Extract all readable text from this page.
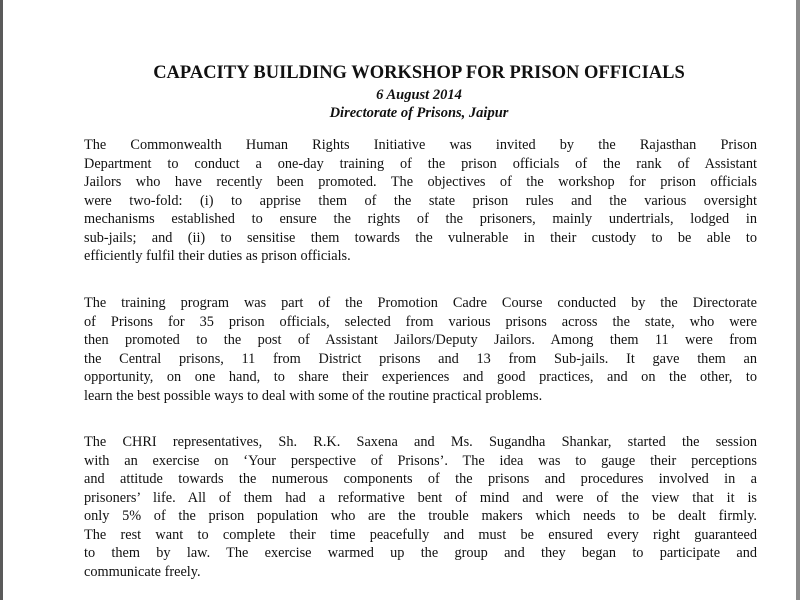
CAPACITY BUILDING WORKSHOP FOR PRISON OFFICIALS
6 August 2014
Directorate of Prisons, Jaipur
The Commonwealth Human Rights Initiative was invited by the Rajasthan Prison
Department to conduct a one-day training of the prison officials of the rank of Assistant
Jailors who have recently been promoted. The objectives of the workshop for prison officials
were two-fold: (i) to apprise them of the state prison rules and the various oversight
mechanisms established to ensure the rights of the prisoners, mainly undertrials, lodged in
sub-jails; and (ii) to sensitise them towards the vulnerable in their custody to be able to
efficiently fulfil their duties as prison officials.
The training program was part of the Promotion Cadre Course conducted by the Directorate
of Prisons for 35 prison officials, selected from various prisons across the state, who were
then promoted to the post of Assistant Jailors/Deputy Jailors. Among them 11 were from
the Central prisons, 11 from District prisons and 13 from Sub-jails. It gave them an
opportunity, on one hand, to share their experiences and good practices, and on the other, to
learn the best possible ways to deal with some of the routine practical problems.
The CHRI representatives, Sh. R.K. Saxena and Ms. Sugandha Shankar, started the session
with an exercise on ‘Your perspective of Prisons’. The idea was to gauge their perceptions
and attitude towards the numerous components of the prisons and procedures involved in a
prisoners’ life. All of them had a reformative bent of mind and were of the view that it is
only 5% of the prison population who are the trouble makers which needs to be dealt firmly.
The rest want to complete their time peacefully and must be ensured every right guaranteed
to them by law. The exercise warmed up the group and they began to participate and
communicate freely.
